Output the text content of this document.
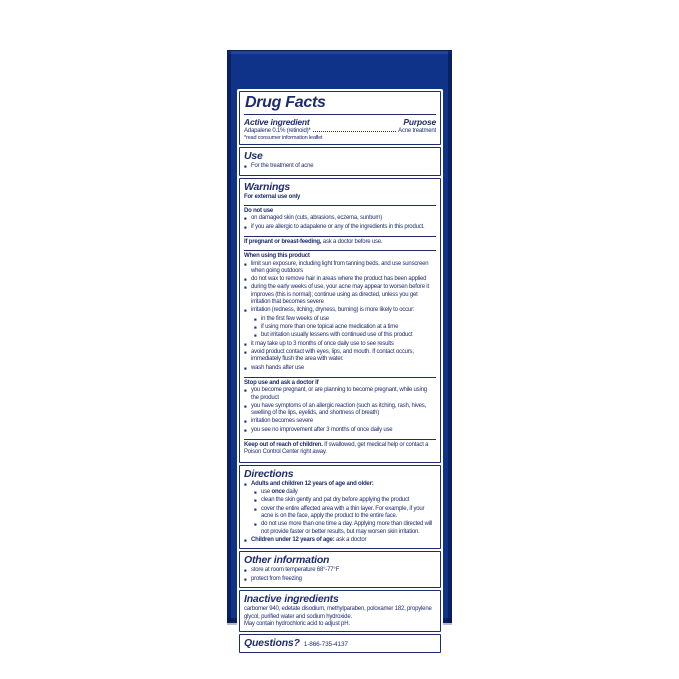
Drug Facts
Active ingredient	Purpose
Adapalene 0.1% (retinoid)*	Acne treatment

*read consumer information leaflet

Use
■ For the treatment of acne
Warnings

For external use only

Do not use

■ on damaged skin (cuts, abrasions, eczema, sunburn)
■ if you are allergic to adapalene or any of the ingredients in this product.

If pregnant or breast-feeding, ask a doctor before use.

When using this product

■ limit sun exposure, including light from tanning beds, and use sunscreen when going outdoors
■ do not wax to remove hair in areas where the product has been applied
■ during the early weeks of use, your acne may appear to worsen before it improves (this is normal); continue using as directed, unless you get irritation that becomes severe
■ irritation (redness, itching, dryness, burning) is more likely to occur:
■ in the first few weeks of use
■ if using more than one topical acne medication at a time
■ but irritation usually lessens with continued use of this product
■ it may take up to 3 months of once daily use to see results
■ avoid product contact with eyes, lips, and mouth. If contact occurs, immediately flush the area with water.
■ wash hands after use

Stop use and ask a doctor if

■ you become pregnant, or are planning to become pregnant, while using the product
■ you have symptoms of an allergic reaction (such as itching, rash, hives, swelling of the lips, eyelids, and shortness of breath)
■ irritation becomes severe
■ you see no improvement after 3 months of once daily use

Keep out of reach of children. If swallowed, get medical help or contact a Poison Control Center right away.

Directions
■ Adults and children 12 years of age and older:
■ use once daily
■ clean the skin gently and pat dry before applying the product
■ cover the entire affected area with a thin layer. For example, if your acne is on the face, apply the product to the entire face.
■ do not use more than one time a day. Applying more than directed will not provide faster or better results, but may worsen skin irritation.
■ Children under 12 years of age: ask a doctor
Other information
■ store at room temperature 68°-77°F
■ protect from freezing
Inactive ingredients

carbomer 940, edetate disodium, methylparaben, poloxamer 182, propylene glycol, purified water and sodium hydroxide.

May contain hydrochloric acid to adjust pH.

Questions? 1-866-735-4137
